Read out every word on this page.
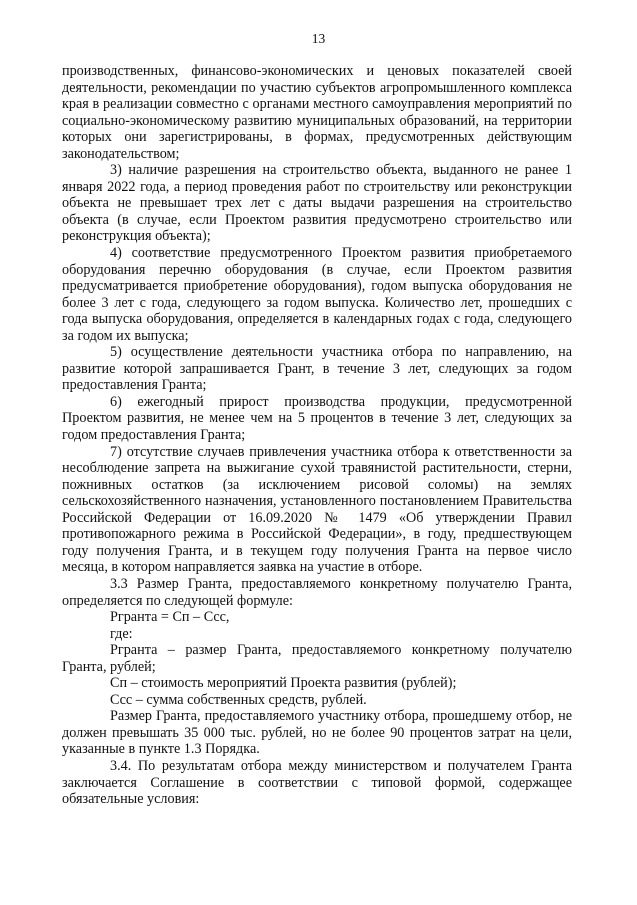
13

производственных, финансово-экономических и ценовых показателей своей деятельности, рекомендации по участию субъектов агропромышленного комплекса края в реализации совместно с органами местного самоуправления мероприятий по социально-экономическому развитию муниципальных образований, на территории которых они зарегистрированы, в формах, предусмотренных действующим законодательством;

3) наличие разрешения на строительство объекта, выданного не ранее 1 января 2022 года, а период проведения работ по строительству или реконструкции объекта не превышает трех лет с даты выдачи разрешения на строительство объекта (в случае, если Проектом развития предусмотрено строительство или реконструкция объекта);

4) соответствие предусмотренного Проектом развития приобретаемого оборудования перечню оборудования (в случае, если Проектом развития предусматривается приобретение оборудования), годом выпуска оборудования не более 3 лет с года, следующего за годом выпуска. Количество лет, прошедших с года выпуска оборудования, определяется в календарных годах с года, следующего за годом их выпуска;

5) осуществление деятельности участника отбора по направлению, на развитие которой запрашивается Грант, в течение 3 лет, следующих за годом предоставления Гранта;

6) ежегодный прирост производства продукции, предусмотренной Проектом развития, не менее чем на 5 процентов в течение 3 лет, следующих за годом предоставления Гранта;

7) отсутствие случаев привлечения участника отбора к ответственности за несоблюдение запрета на выжигание сухой травянистой растительности, стерни, пожнивных остатков (за исключением рисовой соломы) на землях сельскохозяйственного назначения, установленного постановлением Правительства Российской Федерации от 16.09.2020 № 1479 «Об утверждении Правил противопожарного режима в Российской Федерации», в году, предшествующем году получения Гранта, и в текущем году получения Гранта на первое число месяца, в котором направляется заявка на участие в отборе.

3.3 Размер Гранта, предоставляемого конкретному получателю Гранта, определяется по следующей формуле:

Ргранта = Сп – Ссс,

где:

Ргранта – размер Гранта, предоставляемого конкретному получателю Гранта, рублей;

Сп – стоимость мероприятий Проекта развития (рублей);

Ссс – сумма собственных средств, рублей.

Размер Гранта, предоставляемого участнику отбора, прошедшему отбор, не должен превышать 35 000 тыс. рублей, но не более 90 процентов затрат на цели, указанные в пункте 1.3 Порядка.

3.4. По результатам отбора между министерством и получателем Гранта заключается Соглашение в соответствии с типовой формой, содержащее обязательные условия:
